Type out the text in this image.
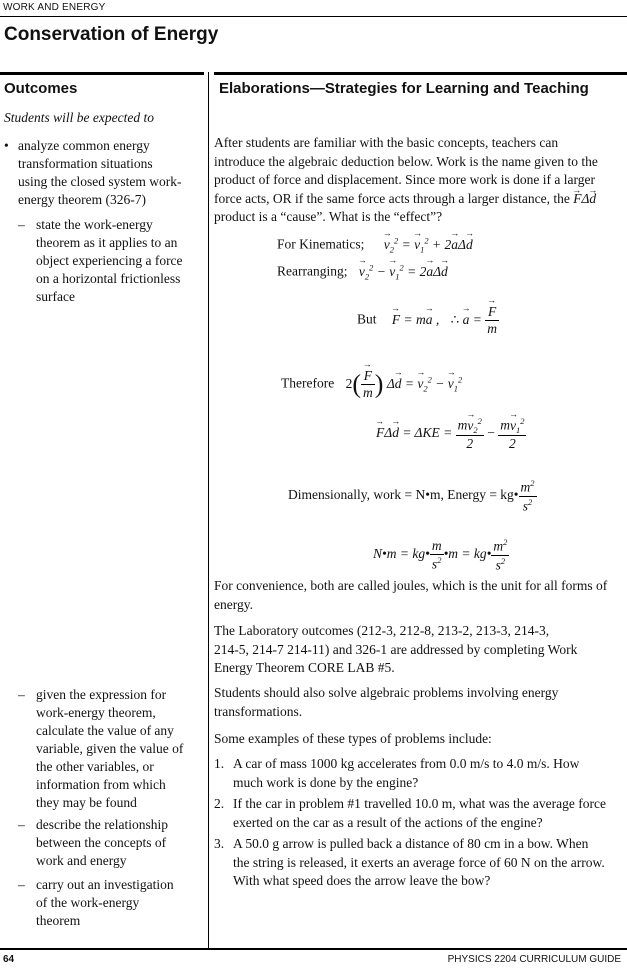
WORK AND ENERGY
Conservation of Energy
Outcomes	Elaborations—Strategies for Learning and Teaching
Students will be expected to
• analyze common energy
transformation situations
using the closed system work-
energy theorem (326-7)
– state the work-energy
theorem as it applies to an
object experiencing a force
on a horizontal frictionless
surface
– given the expression for
work-energy theorem,
calculate the value of any
variable, given the value of
the other variables, or
information from which
they may be found
– describe the relationship
between the concepts of
work and energy
– carry out an investigation
of the work-energy
theorem
After students are familiar with the basic concepts, teachers can
introduce the algebraic deduction below. Work is the name given to the
product of force and displacement. Since more work is done if a larger
force acts, OR if the same force acts through a larger distance, the → FΔ→ d
product is a “cause”. What is the “effect”?
For Kinematics; → $v_2^2$ = → $v_1^2 + 2\to a\Delta\to d$
Rearranging; → $v_2^2$ − → $v_1^2 = 2\to a\Delta\to d$
But → F = m→ a , ∴ → a =
→ $\frac{F}{m}$
Therefore 2(
→ $\frac{F}{m}$ ) Δ→ d = → $v_2^2$ − → $v_1^2$
→ $F\Delta\to d = \Delta KE = \frac{m\to v_2^2}{2} - \frac{m\to v_1^2}{2}$
Dimensionally, work = N•m, Energy = kg• $\frac{m^2}{s^2}$
N•m = kg• $\frac{m}{s^2}$ •m = kg• $\frac{m^2}{s^2}$
For convenience, both are called joules, which is the unit for all forms of
energy.
The Laboratory outcomes (212-3, 212-8, 213-2, 213-3, 214-3,
214-5, 214-7 214-11) and 326-1 are addressed by completing Work
Energy Theorem CORE LAB #5.
Students should also solve algebraic problems involving energy
transformations.
Some examples of these types of problems include:
1. A car of mass 1000 kg accelerates from 0.0 m/s to 4.0 m/s. How
much work is done by the engine?
2. If the car in problem #1 travelled 10.0 m, what was the average force
exerted on the car as a result of the actions of the engine?
3. A 50.0 g arrow is pulled back a distance of 80 cm in a bow. When
the string is released, it exerts an average force of 60 N on the arrow.
With what speed does the arrow leave the bow?
64	PHYSICS 2204 CURRICULUM GUIDE
